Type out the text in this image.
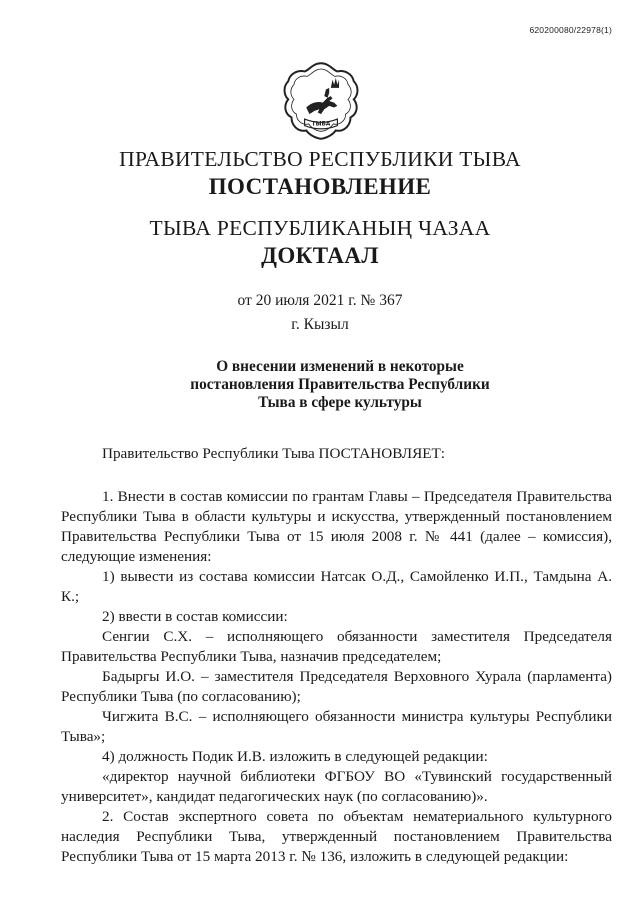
620200080/22978(1)
ТЫВА
ПРАВИТЕЛЬСТВО РЕСПУБЛИКИ ТЫВА
ПОСТАНОВЛЕНИЕ
ТЫВА РЕСПУБЛИКАНЫҢ ЧАЗАА
ДОКТААЛ
от 20 июля 2021 г. № 367
г. Кызыл
О внесении изменений в некоторые
постановления Правительства Республики
Тыва в сфере культуры

Правительство Республики Тыва ПОСТАНОВЛЯЕТ:

1. Внести в состав комиссии по грантам Главы – Председателя Правительства Республики Тыва в области культуры и искусства, утвержденный постановлением Правительства Республики Тыва от 15 июля 2008 г. № 441 (далее – комиссия), следующие изменения:

1) вывести из состава комиссии Натсак О.Д., Самойленко И.П., Тамдына А. К.;

2) ввести в состав комиссии:

Сенгии С.Х. – исполняющего обязанности заместителя Председателя Правительства Республики Тыва, назначив председателем;

Бадыргы И.О. – заместителя Председателя Верховного Хурала (парламента) Республики Тыва (по согласованию);

Чигжита В.С. – исполняющего обязанности министра культуры Республики Тыва»;

4) должность Подик И.В. изложить в следующей редакции:

«директор научной библиотеки ФГБОУ ВО «Тувинский государственный университет», кандидат педагогических наук (по согласованию)».

2. Состав экспертного совета по объектам нематериального культурного наследия Республики Тыва, утвержденный постановлением Правительства Республики Тыва от 15 марта 2013 г. № 136, изложить в следующей редакции:
